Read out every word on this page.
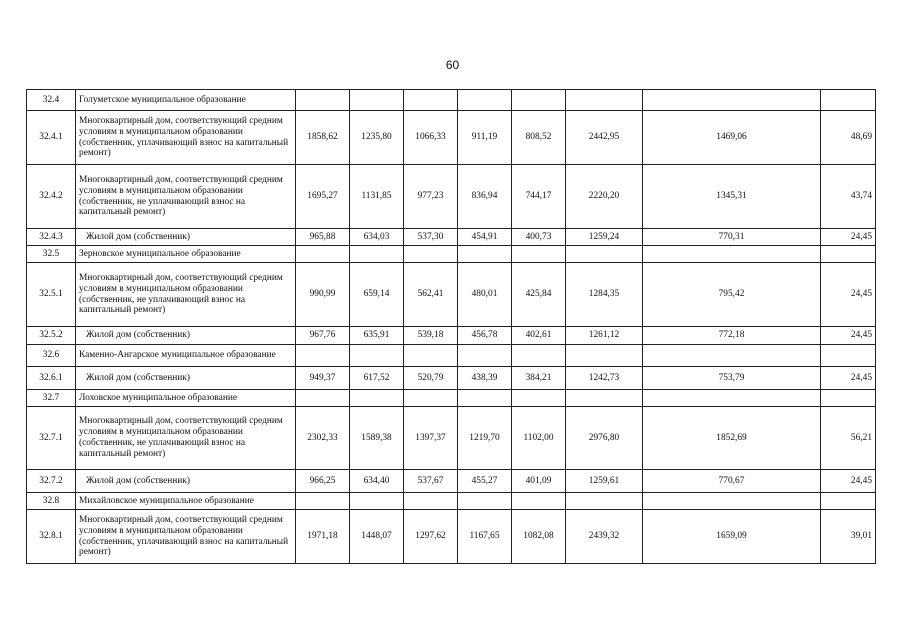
60
32.4	Голуметское муниципальное образование								
32.4.1	Многоквартирный дом, соответствующий средним условиям в муниципальном образовании (собственник, уплачивающий взнос на капитальный ремонт)	1858,62	1235,80	1066,33	911,19	808,52	2442,95	1469,06	48,69
32.4.2	Многоквартирный дом, соответствующий средним условиям в муниципальном образовании (собственник, не уплачивающий взнос на капитальный ремонт)	1695,27	1131,85	977,23	836,94	744,17	2220,20	1345,31	43,74
32.4.3	Жилой дом (собственник)	965,88	634,03	537,30	454,91	400,73	1259,24	770,31	24,45
32.5	Зерновское муниципальное образование								
32.5.1	Многоквартирный дом, соответствующий средним условиям в муниципальном образовании (собственник, не уплачивающий взнос на капитальный ремонт)	990,99	659,14	562,41	480,01	425,84	1284,35	795,42	24,45
32.5.2	Жилой дом (собственник)	967,76	635,91	539,18	456,78	402,61	1261,12	772,18	24,45
32.6	Каменно-Ангарское муниципальное образование								
32.6.1	Жилой дом (собственник)	949,37	617,52	520,79	438,39	384,21	1242,73	753,79	24,45
32.7	Лоховское муниципальное образование								
32.7.1	Многоквартирный дом, соответствующий средним условиям в муниципальном образовании (собственник, не уплачивающий взнос на капитальный ремонт)	2302,33	1589,38	1397,37	1219,70	1102,00	2976,80	1852,69	56,21
32.7.2	Жилой дом (собственник)	966,25	634,40	537,67	455,27	401,09	1259,61	770,67	24,45
32.8	Михайловское муниципальное образование								
32.8.1	Многоквартирный дом, соответствующий средним условиям в муниципальном образовании (собственник, уплачивающий взнос на капитальный ремонт)	1971,18	1448,07	1297,62	1167,65	1082,08	2439,32	1659,09	39,01
